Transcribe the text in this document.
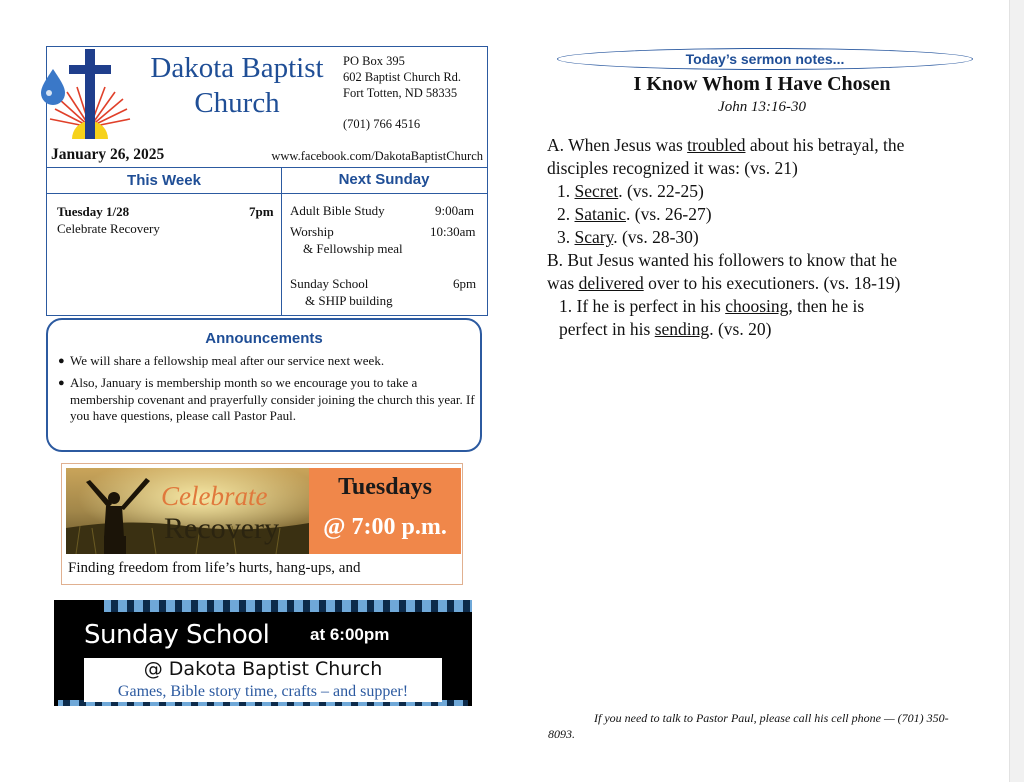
Dakota Baptist
Church
PO Box 395
602 Baptist Church Rd.
Fort Totten, ND 58335
(701) 766 4516
January 26, 2025	www.facebook.com/DakotaBaptistChurch
This Week	Next Sunday
Tuesday 1/28	7pm
Celebrate Recovery
Adult Bible Study	9:00am
Worship	10:30am
& Fellowship meal
Sunday School	6pm
& SHIP building
Announcements
● We will share a fellowship meal after our service next week.
● Also, January is membership month so we encourage you to take a membership covenant and prayerfully consider joining the church this year. If you have questions, please call Pastor Paul.
Celebrate
Recovery
Tuesdays
@ 7:00 p.m.
Finding freedom from life’s hurts, hang-ups, and
Sunday School at 6:00pm
@ Dakota Baptist Church
Games, Bible story time, crafts – and supper!
Today’s sermon notes...
I Know Whom I Have Chosen
John 13:16-30
A. When Jesus was troubled about his betrayal, the
disciples recognized it was: (vs. 21)
1. Secret. (vs. 22-25)
2. Satanic. (vs. 26-27)
3. Scary. (vs. 28-30)
B. But Jesus wanted his followers to know that he
was delivered over to his executioners. (vs. 18-19)
1. If he is perfect in his choosing, then he is
perfect in his sending. (vs. 20)
If you need to talk to Pastor Paul, please call his cell phone — (701) 350-8093.
